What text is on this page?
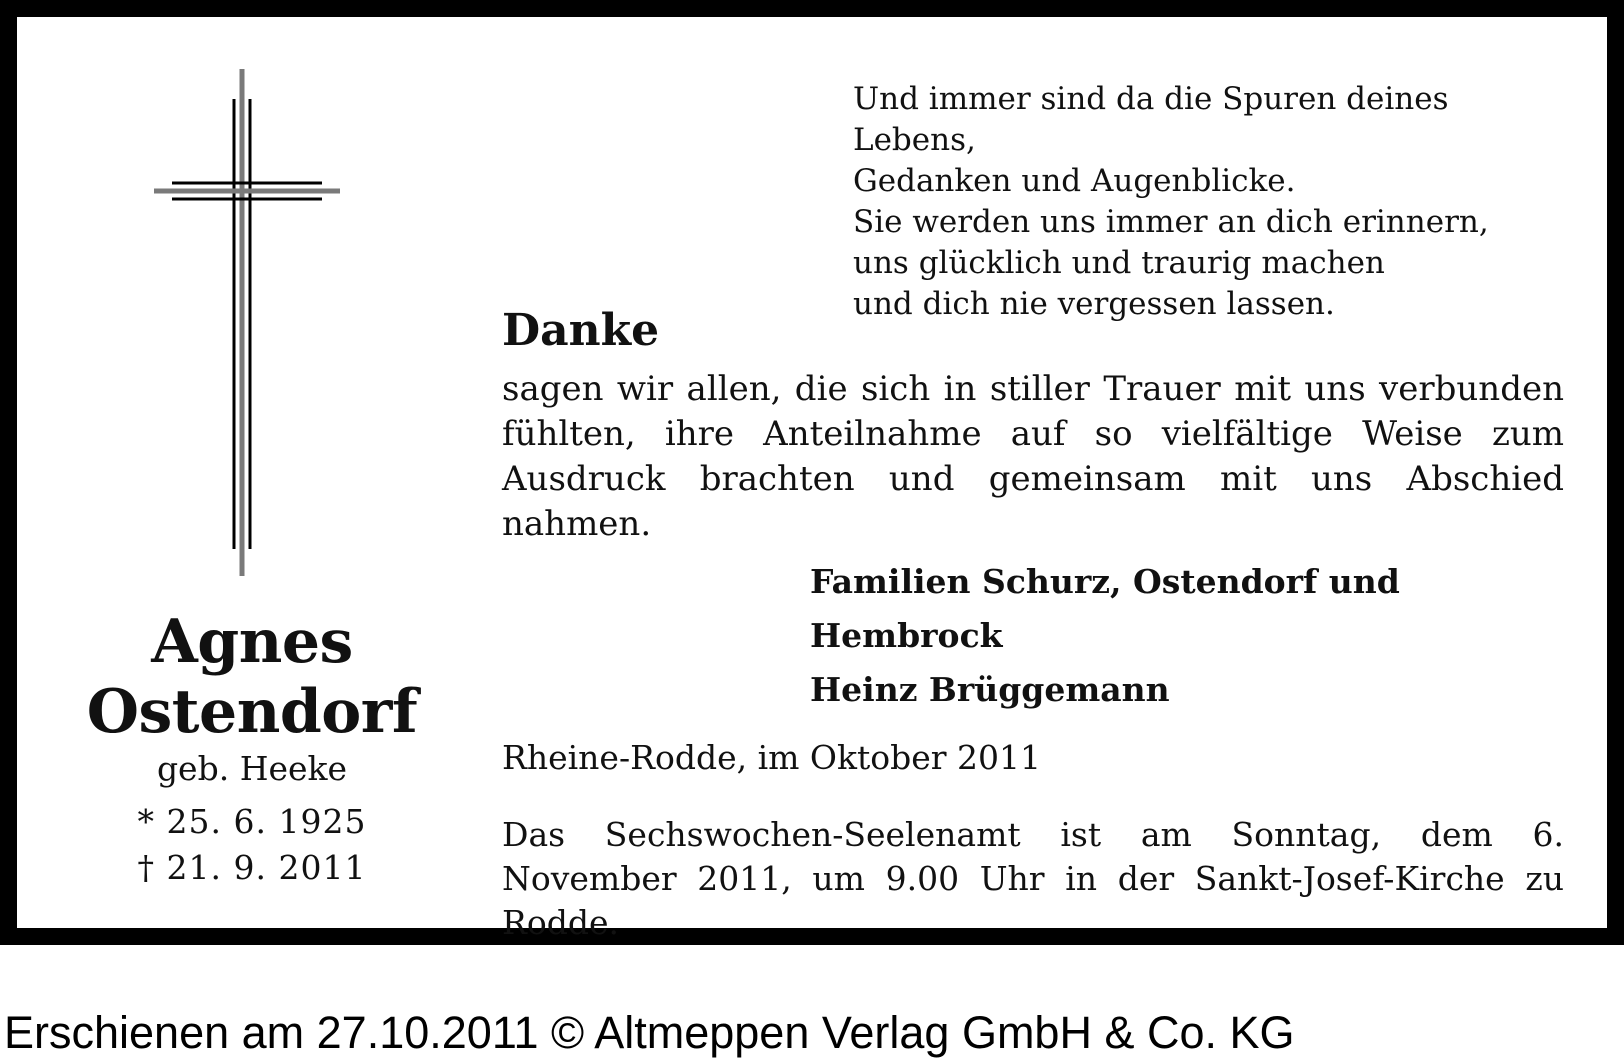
Und immer sind da die Spuren deines Lebens,
Gedanken und Augenblicke.
Sie werden uns immer an dich erinnern,
uns glücklich und traurig machen
und dich nie vergessen lassen.
Agnes
Ostendorf
geb. Heeke
* 25. 6. 1925
† 21. 9. 2011
Danke
sagen wir allen, die sich in stiller Trauer mit uns verbunden fühlten, ihre Anteilnahme auf so vielfältige Weise zum Ausdruck brachten und gemeinsam mit uns Abschied nahmen.
Familien Schurz, Ostendorf und Hembrock
Heinz Brüggemann
Rheine-Rodde, im Oktober 2011
Das Sechswochen-Seelenamt ist am Sonntag, dem 6. November 2011, um 9.00 Uhr in der Sankt-Josef-Kirche zu Rodde.
Erschienen am 27.10.2011 © Altmeppen Verlag GmbH & Co. KG
